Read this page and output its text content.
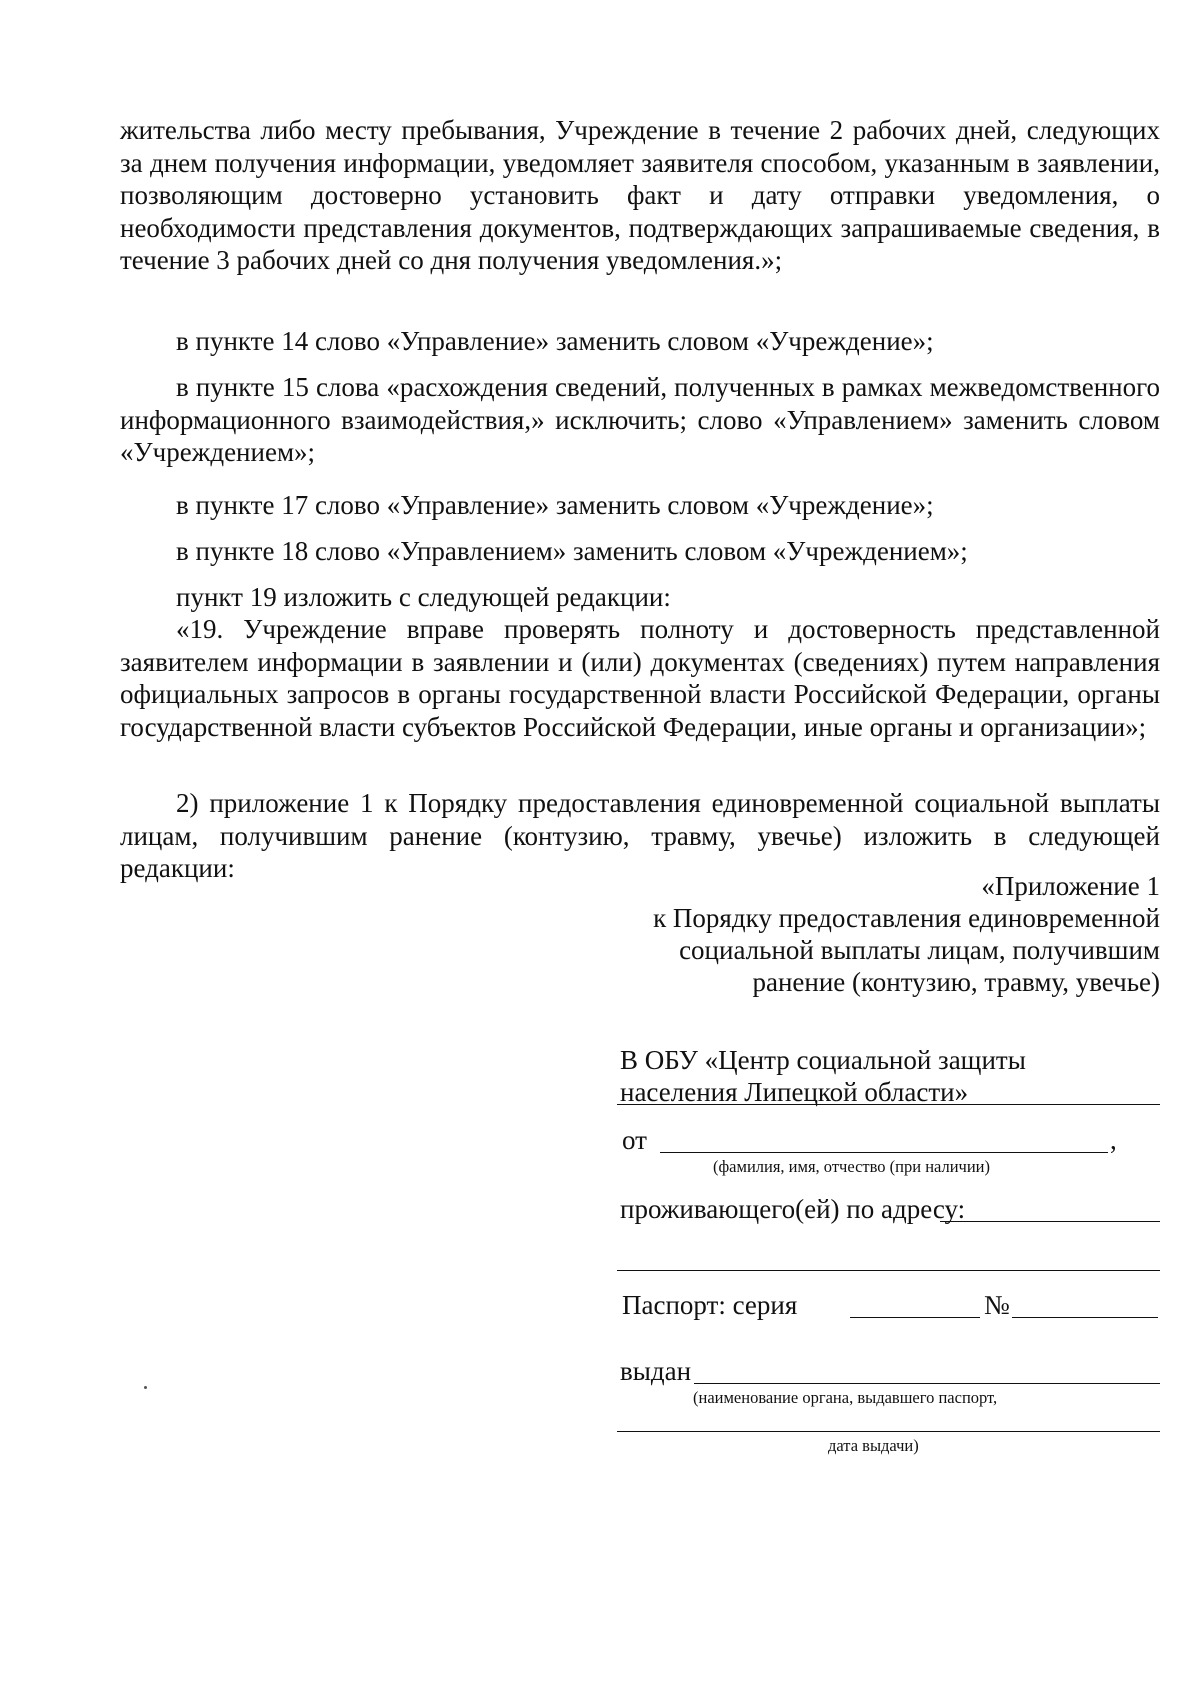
жительства либо месту пребывания, Учреждение в течение 2 рабочих дней, следующих за днем получения информации, уведомляет заявителя способом, указанным в заявлении, позволяющим достоверно установить факт и дату отправки уведомления, о необходимости представления документов, подтверждающих запрашиваемые сведения, в течение 3 рабочих дней со дня получения уведомления.»;
в пункте 14 слово «Управление» заменить словом «Учреждение»;
в пункте 15 слова «расхождения сведений, полученных в рамках межведомственного информационного взаимодействия,» исключить; слово «Управлением» заменить словом «Учреждением»;
в пункте 17 слово «Управление» заменить словом «Учреждение»;
в пункте 18 слово «Управлением» заменить словом «Учреждением»;
пункт 19 изложить с следующей редакции:
«19. Учреждение вправе проверять полноту и достоверность представленной заявителем информации в заявлении и (или) документах (сведениях) путем направления официальных запросов в органы государственной власти Российской Федерации, органы государственной власти субъектов Российской Федерации, иные органы и организации»;
2) приложение 1 к Порядку предоставления единовременной социальной выплаты лицам, получившим ранение (контузию, травму, увечье) изложить в следующей редакции:
«Приложение 1
к Порядку предоставления единовременной
социальной выплаты лицам, получившим
ранение (контузию, травму, увечье)
В ОБУ «Центр социальной защиты
населения Липецкой области»
от	,
(фамилия, имя, отчество (при наличии)
проживающего(ей) по адресу:
Паспорт: серия	№
выдан
(наименование органа, выдавшего паспорт,
дата выдачи)
